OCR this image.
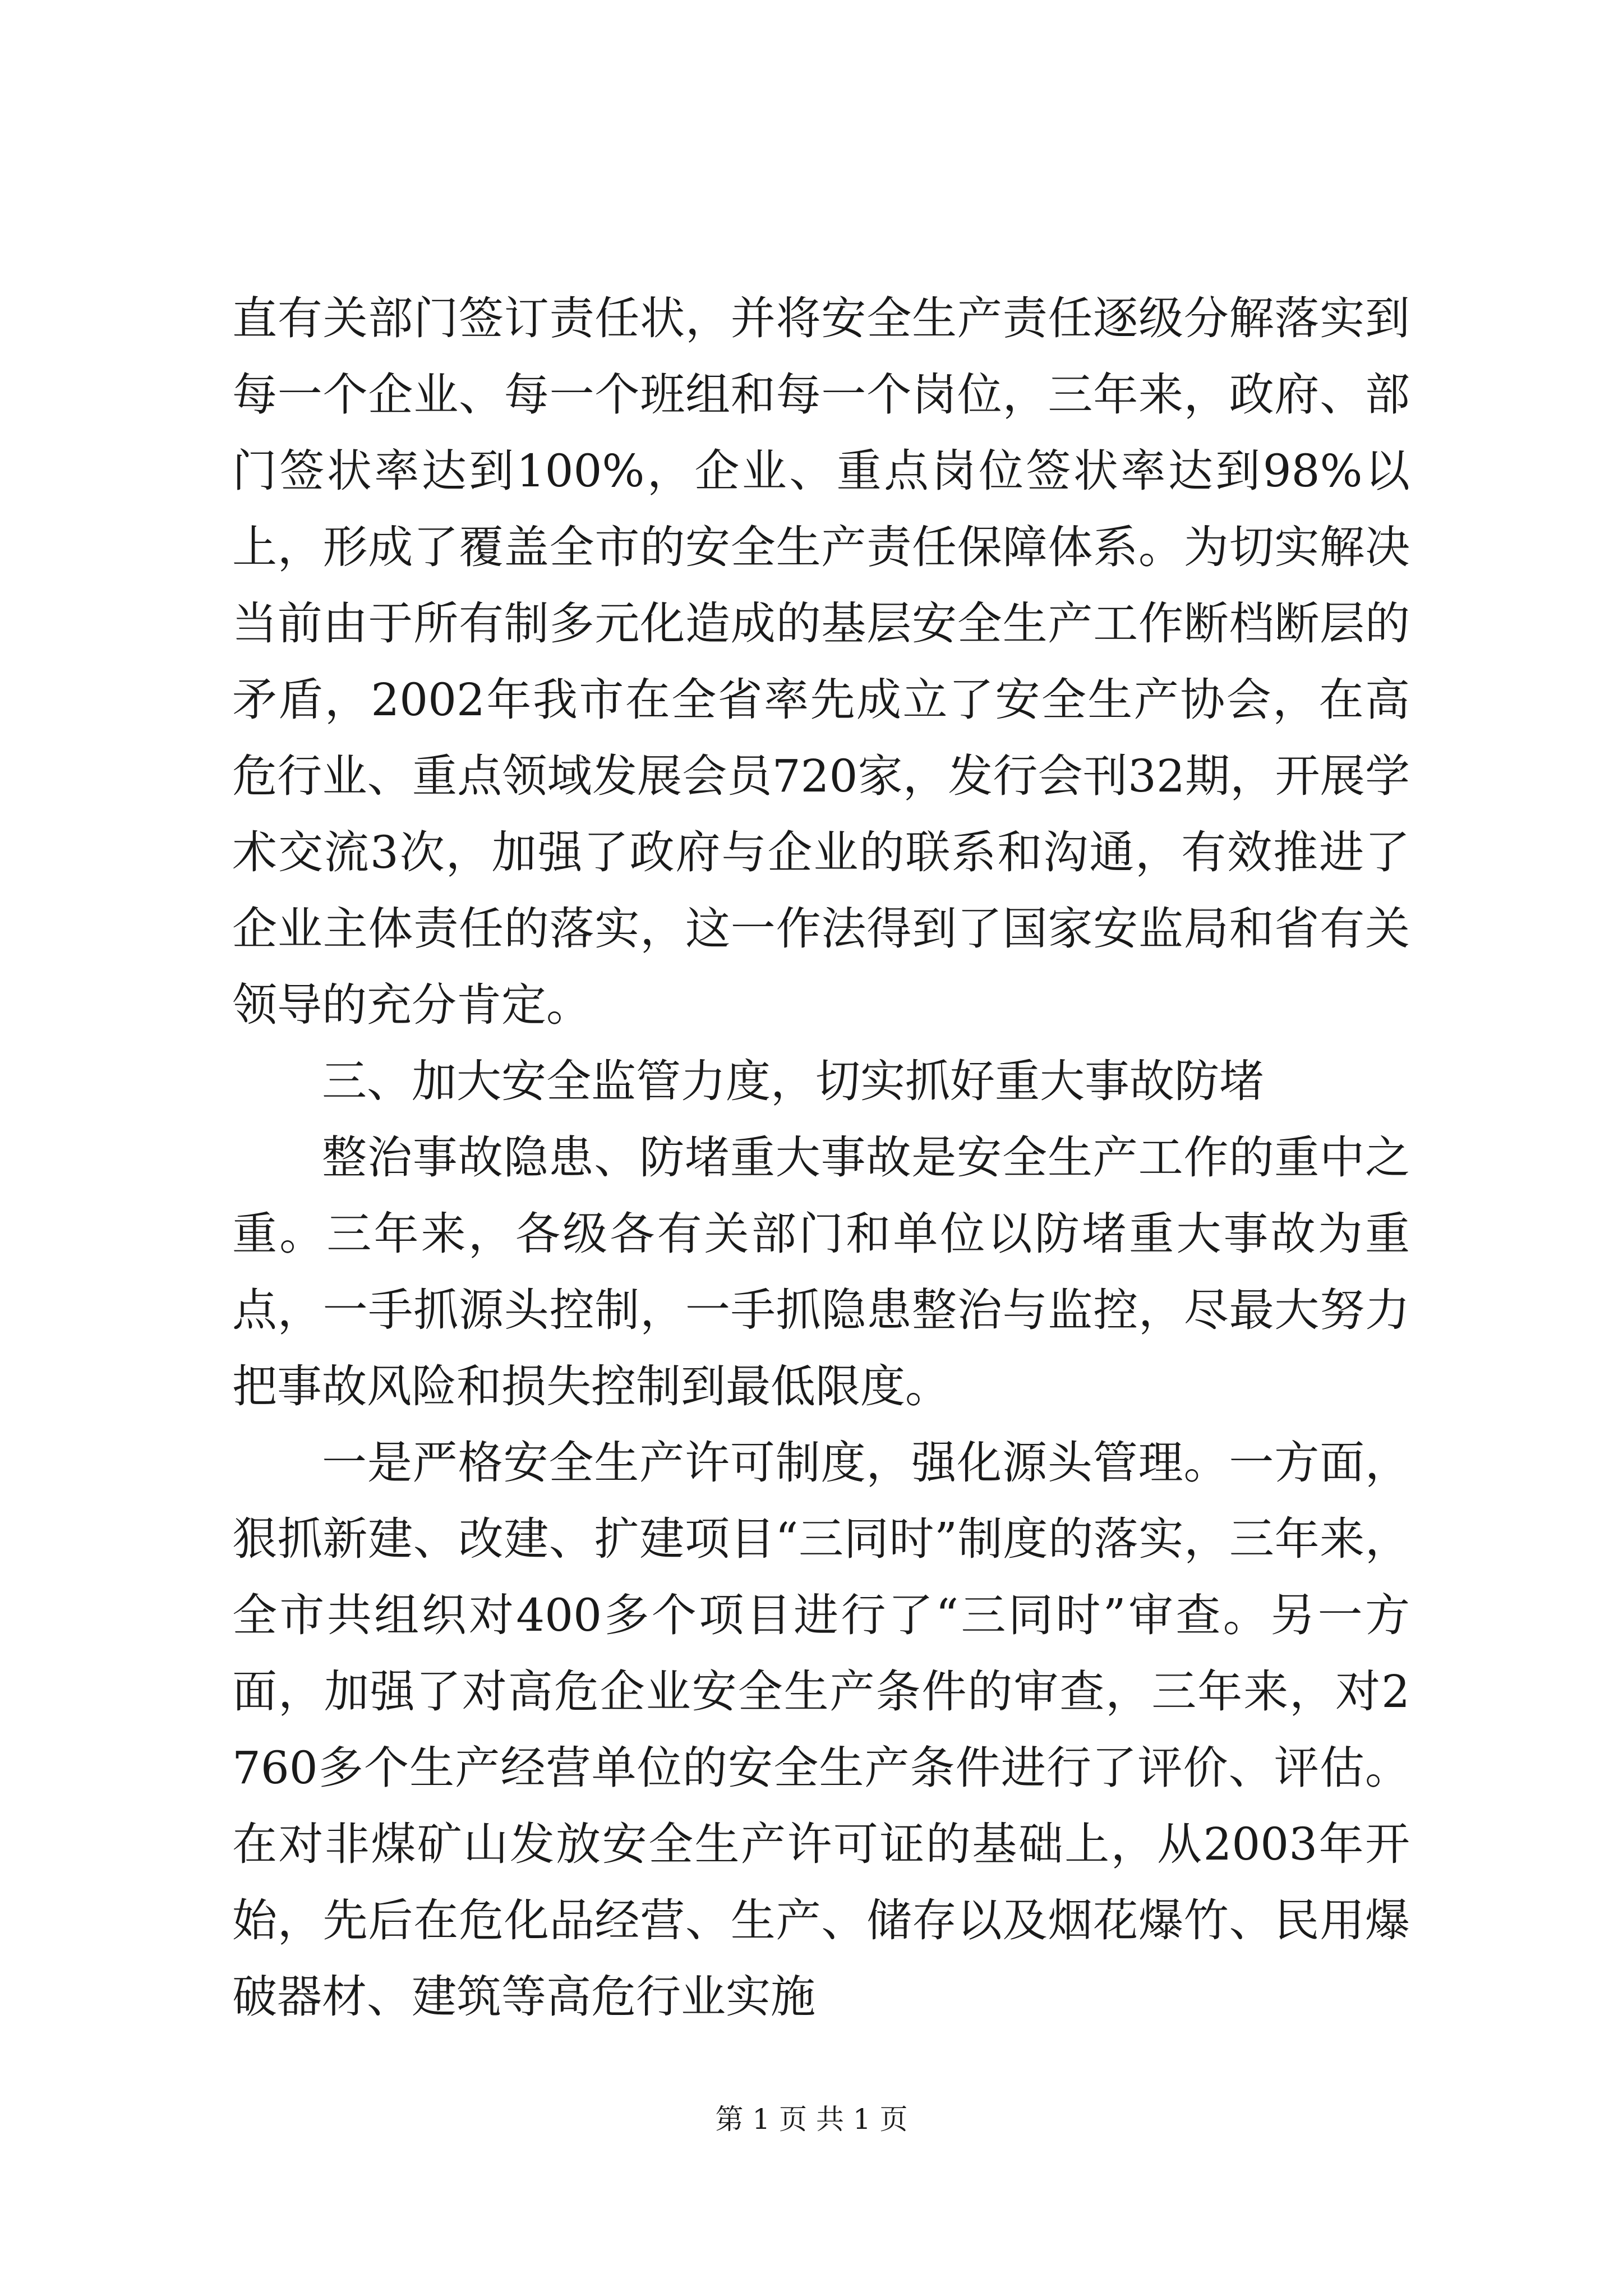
直有关部门签订责任状，并将安全生产责任逐级分解落实到每一个企业、每一个班组和每一个岗位，三年来，政府、部门签状率达到100%，企业、重点岗位签状率达到98%以上，形成了覆盖全市的安全生产责任保障体系。为切实解决当前由于所有制多元化造成的基层安全生产工作断档断层的矛盾，2002年我市在全省率先成立了安全生产协会，在高危行业、重点领域发展会员720家，发行会刊32期，开展学术交流3次，加强了政府与企业的联系和沟通，有效推进了企业主体责任的落实，这一作法得到了国家安监局和省有关领导的充分肯定。

三、加大安全监管力度，切实抓好重大事故防堵

整治事故隐患、防堵重大事故是安全生产工作的重中之重。三年来，各级各有关部门和单位以防堵重大事故为重点，一手抓源头控制，一手抓隐患整治与监控，尽最大努力把事故风险和损失控制到最低限度。

一是严格安全生产许可制度，强化源头管理。一方面，狠抓新建、改建、扩建项目“三同时”制度的落实，三年来，全市共组织对400多个项目进行了“三同时”审查。另一方面，加强了对高危企业安全生产条件的审查，三年来，对2760多个生产经营单位的安全生产条件进行了评价、评估。在对非煤矿山发放安全生产许可证的基础上，从2003年开始，先后在危化品经营、生产、储存以及烟花爆竹、民用爆破器材、建筑等高危行业实施

第 1 页 共 1 页
